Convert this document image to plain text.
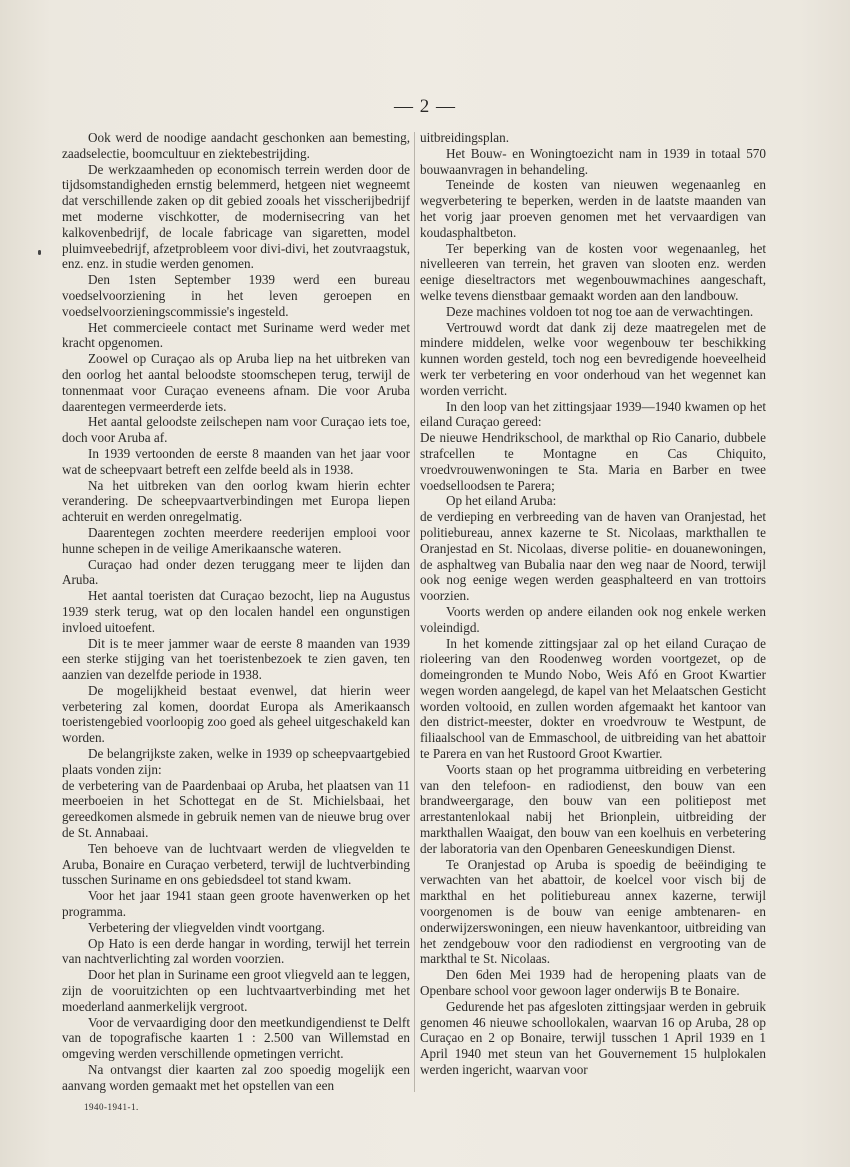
— 2 —

Ook werd de noodige aandacht geschonken aan bemesting, zaadselectie, boomcultuur en ziektebestrijding.

De werkzaamheden op economisch terrein werden door de tijdsomstandigheden ernstig belemmerd, hetgeen niet wegneemt dat verschillende zaken op dit gebied zooals het visscherijbedrijf met moderne vischkotter, de modernisecring van het kalkovenbedrijf, de locale fabricage van sigaretten, model pluimveebedrijf, afzetprobleem voor divi-divi, het zoutvraagstuk, enz. enz. in studie werden genomen.

Den 1sten September 1939 werd een bureau voedselvoorziening in het leven geroepen en voedselvoorzieningscommissie's ingesteld.

Het commercieele contact met Suriname werd weder met kracht opgenomen.

Zoowel op Curaçao als op Aruba liep na het uitbreken van den oorlog het aantal beloodste stoomschepen terug, terwijl de tonnenmaat voor Curaçao eveneens afnam. Die voor Aruba daarentegen vermeerderde iets.

Het aantal geloodste zeilschepen nam voor Curaçao iets toe, doch voor Aruba af.

In 1939 vertoonden de eerste 8 maanden van het jaar voor wat de scheepvaart betreft een zelfde beeld als in 1938.

Na het uitbreken van den oorlog kwam hierin echter verandering. De scheepvaartverbindingen met Europa liepen achteruit en werden onregelmatig.

Daarentegen zochten meerdere reederijen emplooi voor hunne schepen in de veilige Amerikaansche wateren.

Curaçao had onder dezen teruggang meer te lijden dan Aruba.

Het aantal toeristen dat Curaçao bezocht, liep na Augustus 1939 sterk terug, wat op den localen handel een ongunstigen invloed uitoefent.

Dit is te meer jammer waar de eerste 8 maanden van 1939 een sterke stijging van het toeristenbezoek te zien gaven, ten aanzien van dezelfde periode in 1938.

De mogelijkheid bestaat evenwel, dat hierin weer verbetering zal komen, doordat Europa als Amerikaansch toeristengebied voorloopig zoo goed als geheel uitgeschakeld kan worden.

De belangrijkste zaken, welke in 1939 op scheepvaartgebied plaats vonden zijn:

de verbetering van de Paardenbaai op Aruba, het plaatsen van 11 meerboeien in het Schottegat en de St. Michielsbaai, het gereedkomen alsmede in gebruik nemen van de nieuwe brug over de St. Annabaai.

Ten behoeve van de luchtvaart werden de vliegvelden te Aruba, Bonaire en Curaçao verbeterd, terwijl de luchtverbinding tusschen Suriname en ons gebiedsdeel tot stand kwam.

Voor het jaar 1941 staan geen groote havenwerken op het programma.

Verbetering der vliegvelden vindt voortgang.

Op Hato is een derde hangar in wording, terwijl het terrein van nachtverlichting zal worden voorzien.

Door het plan in Suriname een groot vliegveld aan te leggen, zijn de vooruitzichten op een luchtvaartverbinding met het moederland aanmerkelijk vergroot.

Voor de vervaardiging door den meetkundigendienst te Delft van de topografische kaarten 1 : 2.500 van Willemstad en omgeving werden verschillende opmetingen verricht.

Na ontvangst dier kaarten zal zoo spoedig mogelijk een aanvang worden gemaakt met het opstellen van een

uitbreidingsplan.

Het Bouw- en Woningtoezicht nam in 1939 in totaal 570 bouwaanvragen in behandeling.

Teneinde de kosten van nieuwen wegenaanleg en wegverbetering te beperken, werden in de laatste maanden van het vorig jaar proeven genomen met het vervaardigen van koudasphaltbeton.

Ter beperking van de kosten voor wegenaanleg, het nivelleeren van terrein, het graven van slooten enz. werden eenige dieseltractors met wegenbouwmachines aangeschaft, welke tevens dienstbaar gemaakt worden aan den landbouw.

Deze machines voldoen tot nog toe aan de verwachtingen.

Vertrouwd wordt dat dank zij deze maatregelen met de mindere middelen, welke voor wegenbouw ter beschikking kunnen worden gesteld, toch nog een bevredigende hoeveelheid werk ter verbetering en voor onderhoud van het wegennet kan worden verricht.

In den loop van het zittingsjaar 1939—1940 kwamen op het eiland Curaçao gereed:

De nieuwe Hendrikschool, de markthal op Rio Canario, dubbele strafcellen te Montagne en Cas Chiquito, vroedvrouwenwoningen te Sta. Maria en Barber en twee voedselloodsen te Parera;

Op het eiland Aruba:

de verdieping en verbreeding van de haven van Oranjestad, het politiebureau, annex kazerne te St. Nicolaas, markthallen te Oranjestad en St. Nicolaas, diverse politie- en douanewoningen, de asphaltweg van Bubalia naar den weg naar de Noord, terwijl ook nog eenige wegen werden geasphalteerd en van trottoirs voorzien.

Voorts werden op andere eilanden ook nog enkele werken voleindigd.

In het komende zittingsjaar zal op het eiland Curaçao de rioleering van den Roodenweg worden voortgezet, op de domeingronden te Mundo Nobo, Weis Afó en Groot Kwartier wegen worden aangelegd, de kapel van het Melaatschen Gesticht worden voltooid, en zullen worden afgemaakt het kantoor van den district-meester, dokter en vroedvrouw te Westpunt, de filiaalschool van de Emmaschool, de uitbreiding van het abattoir te Parera en van het Rustoord Groot Kwartier.

Voorts staan op het programma uitbreiding en verbetering van den telefoon- en radiodienst, den bouw van een brandweergarage, den bouw van een politiepost met arrestantenlokaal nabij het Brionplein, uitbreiding der markthallen Waaigat, den bouw van een koelhuis en verbetering der laboratoria van den Openbaren Geneeskundigen Dienst.

Te Oranjestad op Aruba is spoedig de beëindiging te verwachten van het abattoir, de koelcel voor visch bij de markthal en het politiebureau annex kazerne, terwijl voorgenomen is de bouw van eenige ambtenaren- en onderwijzerswoningen, een nieuw havenkantoor, uitbreiding van het zendgebouw voor den radiodienst en vergrooting van de markthal te St. Nicolaas.

Den 6den Mei 1939 had de heropening plaats van de Openbare school voor gewoon lager onderwijs B te Bonaire.

Gedurende het pas afgesloten zittingsjaar werden in gebruik genomen 46 nieuwe schoollokalen, waarvan 16 op Aruba, 28 op Curaçao en 2 op Bonaire, terwijl tusschen 1 April 1939 en 1 April 1940 met steun van het Gouvernement 15 hulplokalen werden ingericht, waarvan voor

1940-1941-1.
